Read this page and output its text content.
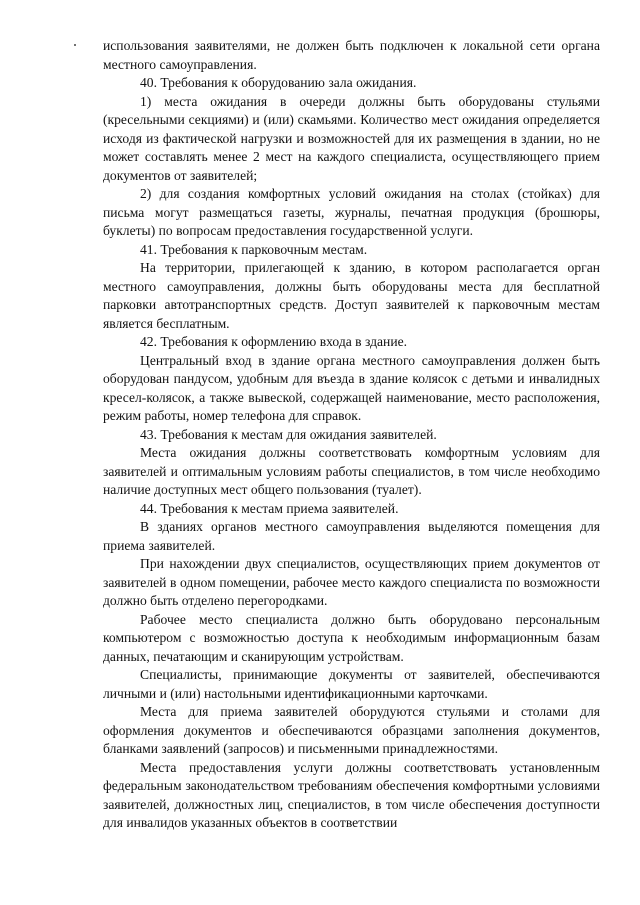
использования заявителями, не должен быть подключен к локальной сети органа местного самоуправления.

40. Требования к оборудованию зала ожидания.

1) места ожидания в очереди должны быть оборудованы стульями (кресельными секциями) и (или) скамьями. Количество мест ожидания определяется исходя из фактической нагрузки и возможностей для их размещения в здании, но не может составлять менее 2 мест на каждого специалиста, осуществляющего прием документов от заявителей;

2) для создания комфортных условий ожидания на столах (стойках) для письма могут размещаться газеты, журналы, печатная продукция (брошюры, буклеты) по вопросам предоставления государственной услуги.

41. Требования к парковочным местам.

На территории, прилегающей к зданию, в котором располагается орган местного самоуправления, должны быть оборудованы места для бесплатной парковки автотранспортных средств. Доступ заявителей к парковочным местам является бесплатным.

42. Требования к оформлению входа в здание.

Центральный вход в здание органа местного самоуправления должен быть оборудован пандусом, удобным для въезда в здание колясок с детьми и инвалидных кресел-колясок, а также вывеской, содержащей наименование, место расположения, режим работы, номер телефона для справок.

43. Требования к местам для ожидания заявителей.

Места ожидания должны соответствовать комфортным условиям для заявителей и оптимальным условиям работы специалистов, в том числе необходимо наличие доступных мест общего пользования (туалет).

44. Требования к местам приема заявителей.

В зданиях органов местного самоуправления выделяются помещения для приема заявителей.

При нахождении двух специалистов, осуществляющих прием документов от заявителей в одном помещении, рабочее место каждого специалиста по возможности должно быть отделено перегородками.

Рабочее место специалиста должно быть оборудовано персональным компьютером с возможностью доступа к необходимым информационным базам данных, печатающим и сканирующим устройствам.

Специалисты, принимающие документы от заявителей, обеспечиваются личными и (или) настольными идентификационными карточками.

Места для приема заявителей оборудуются стульями и столами для оформления документов и обеспечиваются образцами заполнения документов, бланками заявлений (запросов) и письменными принадлежностями.

Места предоставления услуги должны соответствовать установленным федеральным законодательством требованиям обеспечения комфортными условиями заявителей, должностных лиц, специалистов, в том числе обеспечения доступности для инвалидов указанных объектов в соответствии
